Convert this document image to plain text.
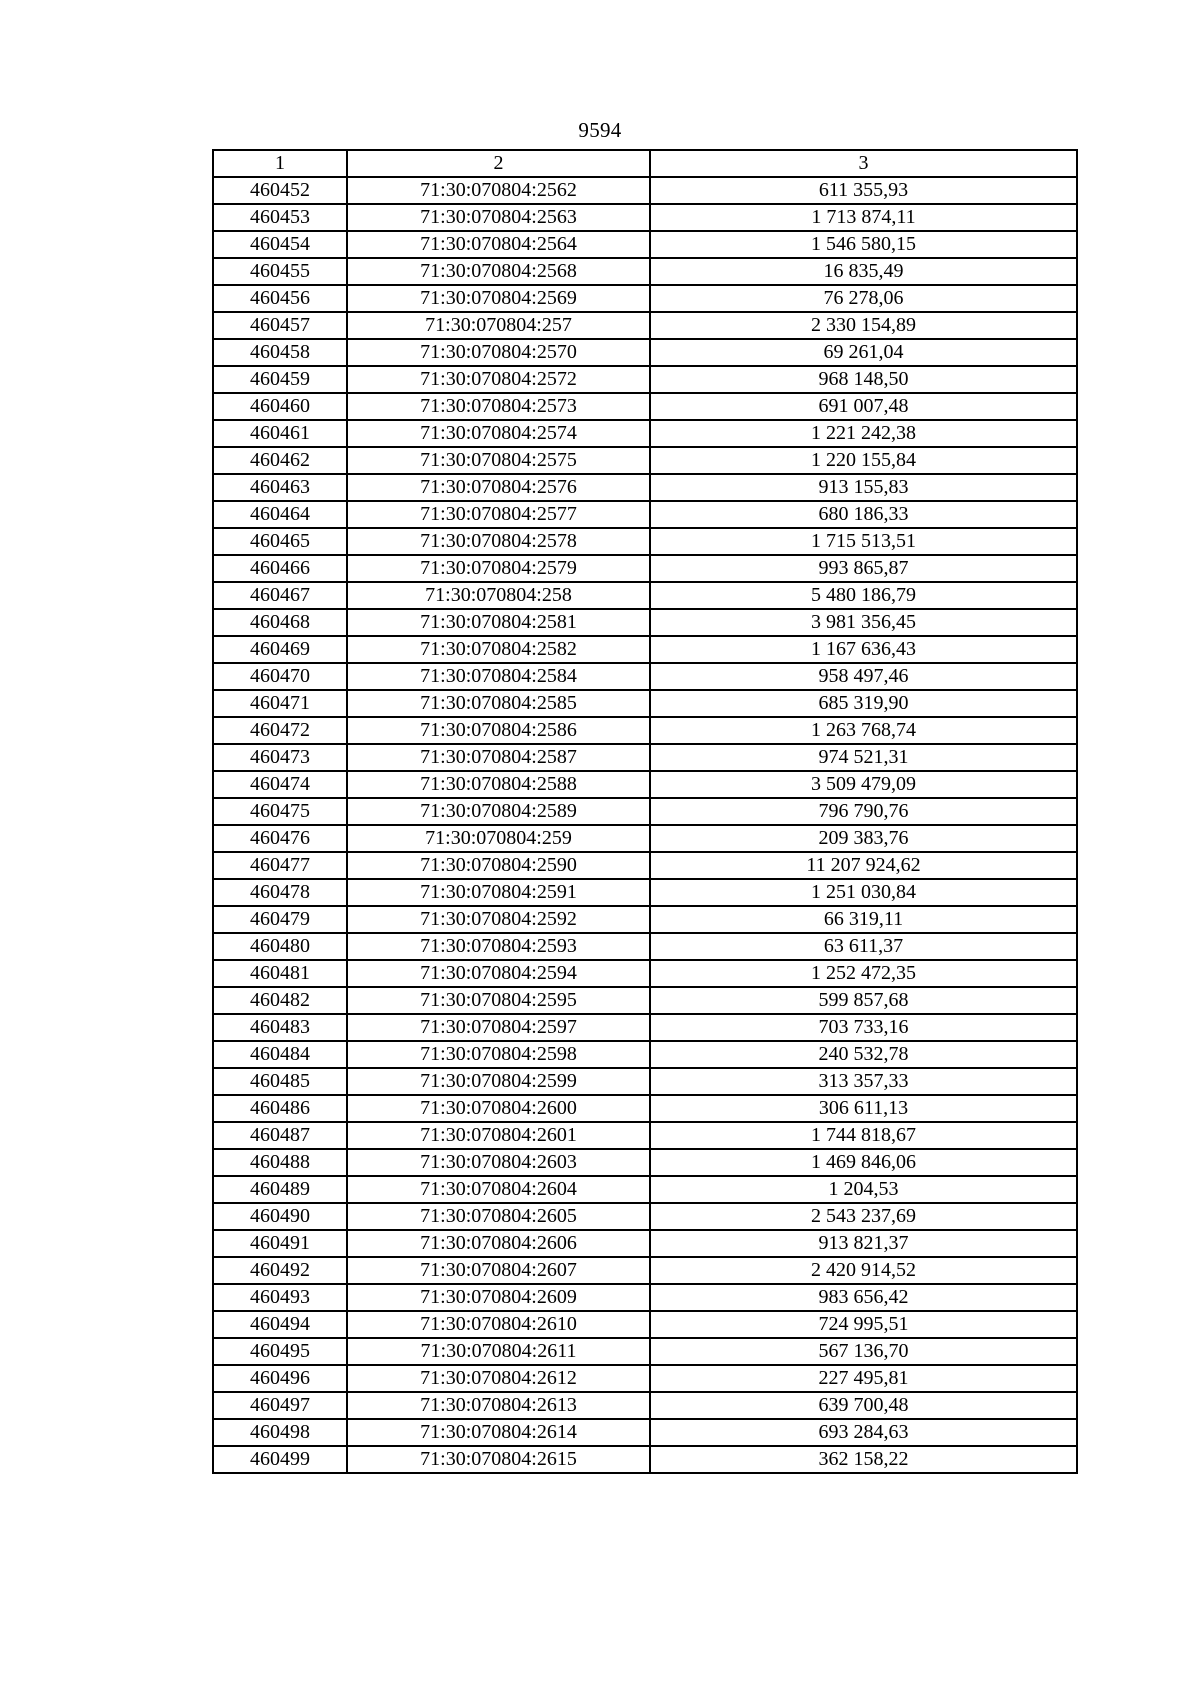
9594
1	2	3
460452	71:30:070804:2562	611 355,93
460453	71:30:070804:2563	1 713 874,11
460454	71:30:070804:2564	1 546 580,15
460455	71:30:070804:2568	16 835,49
460456	71:30:070804:2569	76 278,06
460457	71:30:070804:257	2 330 154,89
460458	71:30:070804:2570	69 261,04
460459	71:30:070804:2572	968 148,50
460460	71:30:070804:2573	691 007,48
460461	71:30:070804:2574	1 221 242,38
460462	71:30:070804:2575	1 220 155,84
460463	71:30:070804:2576	913 155,83
460464	71:30:070804:2577	680 186,33
460465	71:30:070804:2578	1 715 513,51
460466	71:30:070804:2579	993 865,87
460467	71:30:070804:258	5 480 186,79
460468	71:30:070804:2581	3 981 356,45
460469	71:30:070804:2582	1 167 636,43
460470	71:30:070804:2584	958 497,46
460471	71:30:070804:2585	685 319,90
460472	71:30:070804:2586	1 263 768,74
460473	71:30:070804:2587	974 521,31
460474	71:30:070804:2588	3 509 479,09
460475	71:30:070804:2589	796 790,76
460476	71:30:070804:259	209 383,76
460477	71:30:070804:2590	11 207 924,62
460478	71:30:070804:2591	1 251 030,84
460479	71:30:070804:2592	66 319,11
460480	71:30:070804:2593	63 611,37
460481	71:30:070804:2594	1 252 472,35
460482	71:30:070804:2595	599 857,68
460483	71:30:070804:2597	703 733,16
460484	71:30:070804:2598	240 532,78
460485	71:30:070804:2599	313 357,33
460486	71:30:070804:2600	306 611,13
460487	71:30:070804:2601	1 744 818,67
460488	71:30:070804:2603	1 469 846,06
460489	71:30:070804:2604	1 204,53
460490	71:30:070804:2605	2 543 237,69
460491	71:30:070804:2606	913 821,37
460492	71:30:070804:2607	2 420 914,52
460493	71:30:070804:2609	983 656,42
460494	71:30:070804:2610	724 995,51
460495	71:30:070804:2611	567 136,70
460496	71:30:070804:2612	227 495,81
460497	71:30:070804:2613	639 700,48
460498	71:30:070804:2614	693 284,63
460499	71:30:070804:2615	362 158,22
